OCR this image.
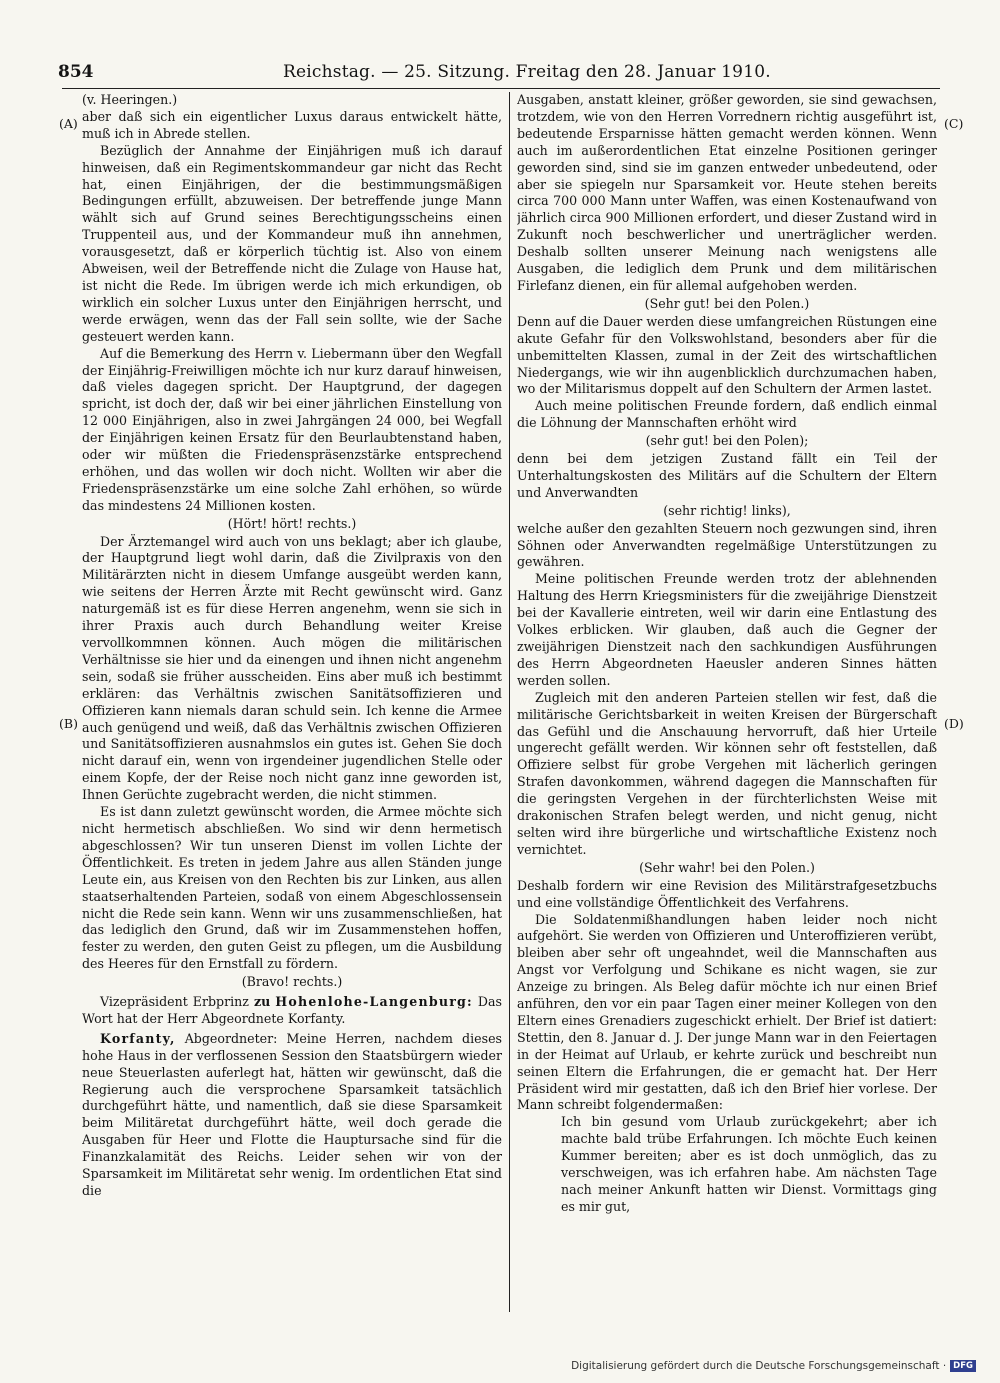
854	Reichstag. — 25. Sitzung. Freitag den 28. Januar 1910.
(A)
(B)
(C)
(D)

(v. Heeringen.)

aber daß sich ein eigentlicher Luxus daraus entwickelt hätte, muß ich in Abrede stellen.

Bezüglich der Annahme der Einjährigen muß ich darauf hinweisen, daß ein Regimentskommandeur gar nicht das Recht hat, einen Einjährigen, der die bestimmungsmäßigen Bedingungen erfüllt, abzuweisen. Der betreffende junge Mann wählt sich auf Grund seines Berechtigungsscheins einen Truppenteil aus, und der Kommandeur muß ihn annehmen, vorausgesetzt, daß er körperlich tüchtig ist. Also von einem Abweisen, weil der Betreffende nicht die Zulage von Hause hat, ist nicht die Rede. Im übrigen werde ich mich erkundigen, ob wirklich ein solcher Luxus unter den Einjährigen herrscht, und werde erwägen, wenn das der Fall sein sollte, wie der Sache gesteuert werden kann.

Auf die Bemerkung des Herrn v. Liebermann über den Wegfall der Einjährig-Freiwilligen möchte ich nur kurz darauf hinweisen, daß vieles dagegen spricht. Der Hauptgrund, der dagegen spricht, ist doch der, daß wir bei einer jährlichen Einstellung von 12 000 Einjährigen, also in zwei Jahrgängen 24 000, bei Wegfall der Einjährigen keinen Ersatz für den Beurlaubtenstand haben, oder wir müßten die Friedenspräsenzstärke entsprechend erhöhen, und das wollen wir doch nicht. Wollten wir aber die Friedenspräsenzstärke um eine solche Zahl erhöhen, so würde das mindestens 24 Millionen kosten.

(Hört! hört! rechts.)

Der Ärztemangel wird auch von uns beklagt; aber ich glaube, der Hauptgrund liegt wohl darin, daß die Zivilpraxis von den Militärärzten nicht in diesem Umfange ausgeübt werden kann, wie seitens der Herren Ärzte mit Recht gewünscht wird. Ganz naturgemäß ist es für diese Herren angenehm, wenn sie sich in ihrer Praxis auch durch Behandlung weiter Kreise vervollkommnen können. Auch mögen die militärischen Verhältnisse sie hier und da einengen und ihnen nicht angenehm sein, sodaß sie früher ausscheiden. Eins aber muß ich bestimmt erklären: das Verhältnis zwischen Sanitätsoffizieren und Offizieren kann niemals daran schuld sein. Ich kenne die Armee auch genügend und weiß, daß das Verhältnis zwischen Offizieren und Sanitätsoffizieren ausnahmslos ein gutes ist. Gehen Sie doch nicht darauf ein, wenn von irgendeiner jugendlichen Stelle oder einem Kopfe, der der Reise noch nicht ganz inne geworden ist, Ihnen Gerüchte zugebracht werden, die nicht stimmen.

Es ist dann zuletzt gewünscht worden, die Armee möchte sich nicht hermetisch abschließen. Wo sind wir denn hermetisch abgeschlossen? Wir tun unseren Dienst im vollen Lichte der Öffentlichkeit. Es treten in jedem Jahre aus allen Ständen junge Leute ein, aus Kreisen von den Rechten bis zur Linken, aus allen staatserhaltenden Parteien, sodaß von einem Abgeschlossensein nicht die Rede sein kann. Wenn wir uns zusammenschließen, hat das lediglich den Grund, daß wir im Zusammenstehen hoffen, fester zu werden, den guten Geist zu pflegen, um die Ausbildung des Heeres für den Ernstfall zu fördern.

(Bravo! rechts.)

Vizepräsident Erbprinz zu Hohenlohe-Langenburg: Das Wort hat der Herr Abgeordnete Korfanty.

Korfanty, Abgeordneter: Meine Herren, nachdem dieses hohe Haus in der verflossenen Session den Staatsbürgern wieder neue Steuerlasten auferlegt hat, hätten wir gewünscht, daß die Regierung auch die versprochene Sparsamkeit tatsächlich durchgeführt hätte, und namentlich, daß sie diese Sparsamkeit beim Militäretat durchgeführt hätte, weil doch gerade die Ausgaben für Heer und Flotte die Hauptursache sind für die Finanzkalamität des Reichs. Leider sehen wir von der Sparsamkeit im Militäretat sehr wenig. Im ordentlichen Etat sind die

Ausgaben, anstatt kleiner, größer geworden, sie sind gewachsen, trotzdem, wie von den Herren Vorrednern richtig ausgeführt ist, bedeutende Ersparnisse hätten gemacht werden können. Wenn auch im außerordentlichen Etat einzelne Positionen geringer geworden sind, sind sie im ganzen entweder unbedeutend, oder aber sie spiegeln nur Sparsamkeit vor. Heute stehen bereits circa 700 000 Mann unter Waffen, was einen Kostenaufwand von jährlich circa 900 Millionen erfordert, und dieser Zustand wird in Zukunft noch beschwerlicher und unerträglicher werden. Deshalb sollten unserer Meinung nach wenigstens alle Ausgaben, die lediglich dem Prunk und dem militärischen Firlefanz dienen, ein für allemal aufgehoben werden.

(Sehr gut! bei den Polen.)

Denn auf die Dauer werden diese umfangreichen Rüstungen eine akute Gefahr für den Volkswohlstand, besonders aber für die unbemittelten Klassen, zumal in der Zeit des wirtschaftlichen Niedergangs, wie wir ihn augenblicklich durchzumachen haben, wo der Militarismus doppelt auf den Schultern der Armen lastet.

Auch meine politischen Freunde fordern, daß endlich einmal die Löhnung der Mannschaften erhöht wird

(sehr gut! bei den Polen);

denn bei dem jetzigen Zustand fällt ein Teil der Unterhaltungskosten des Militärs auf die Schultern der Eltern und Anverwandten

(sehr richtig! links),

welche außer den gezahlten Steuern noch gezwungen sind, ihren Söhnen oder Anverwandten regelmäßige Unterstützungen zu gewähren.

Meine politischen Freunde werden trotz der ablehnenden Haltung des Herrn Kriegsministers für die zweijährige Dienstzeit bei der Kavallerie eintreten, weil wir darin eine Entlastung des Volkes erblicken. Wir glauben, daß auch die Gegner der zweijährigen Dienstzeit nach den sachkundigen Ausführungen des Herrn Abgeordneten Haeusler anderen Sinnes hätten werden sollen.

Zugleich mit den anderen Parteien stellen wir fest, daß die militärische Gerichtsbarkeit in weiten Kreisen der Bürgerschaft das Gefühl und die Anschauung hervorruft, daß hier Urteile ungerecht gefällt werden. Wir können sehr oft feststellen, daß Offiziere selbst für grobe Vergehen mit lächerlich geringen Strafen davonkommen, während dagegen die Mannschaften für die geringsten Vergehen in der fürchterlichsten Weise mit drakonischen Strafen belegt werden, und nicht genug, nicht selten wird ihre bürgerliche und wirtschaftliche Existenz noch vernichtet.

(Sehr wahr! bei den Polen.)

Deshalb fordern wir eine Revision des Militärstrafgesetzbuchs und eine vollständige Öffentlichkeit des Verfahrens.

Die Soldatenmißhandlungen haben leider noch nicht aufgehört. Sie werden von Offizieren und Unteroffizieren verübt, bleiben aber sehr oft ungeahndet, weil die Mannschaften aus Angst vor Verfolgung und Schikane es nicht wagen, sie zur Anzeige zu bringen. Als Beleg dafür möchte ich nur einen Brief anführen, den vor ein paar Tagen einer meiner Kollegen von den Eltern eines Grenadiers zugeschickt erhielt. Der Brief ist datiert: Stettin, den 8. Januar d. J. Der junge Mann war in den Feiertagen in der Heimat auf Urlaub, er kehrte zurück und beschreibt nun seinen Eltern die Erfahrungen, die er gemacht hat. Der Herr Präsident wird mir gestatten, daß ich den Brief hier vorlese. Der Mann schreibt folgendermaßen:

Ich bin gesund vom Urlaub zurückgekehrt; aber ich machte bald trübe Erfahrungen. Ich möchte Euch keinen Kummer bereiten; aber es ist doch unmöglich, das zu verschweigen, was ich erfahren habe. Am nächsten Tage nach meiner Ankunft hatten wir Dienst. Vormittags ging es mir gut,

Digitalisierung gefördert durch die Deutsche Forschungsgemeinschaft · DFG
